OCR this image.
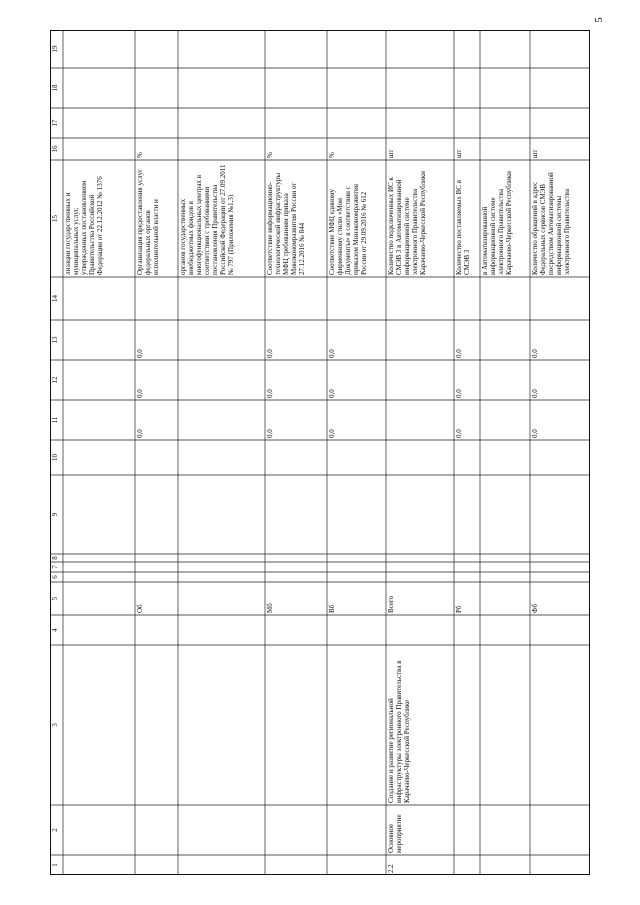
5
1
2
3
4
5
6
7
8
9
10
11
12
13
14
15
16
17
18
19
лизации государственных и муниципальных услуг, утвержденных постановлением Правительства Российской Федерации от 22.12.2012 № 1376
Об
0,0
0,0
0,0
Организация предоставления услуг федеральных органов исполнительной власти и
%
органов государственных внебюджетных фондов в многофункциональных центрах в соответствии с требованиями постановления Правительства Российской Федерации от 27.09.2011 № 797 (Приложения №1,3)
Мб
0,0
0,0
0,0
Соответствие информационно-технологической инфраструктуры МФЦ требованиям приказа Минэкономразвития России от 27.12.2016 № 844
%
Вб
0,0
0,0
0,0
Соответствие МФЦ единому фирменному стилю «Мои Документы» в соответствии с приказом Минэкономразвития России от 29.09.2016 № 612
%
2.2
Основное мероприятие
Создание и развитие региональной инфраструктуры электронного Правительства в Карачаево-Черкесской Республике
Всего
Количество подключенных ИС к СМЭВ 3 в Автоматизированной информационной системе электронного Правительства Карачаево-Черкесской Республики
шт
Рб
0,0
0,0
0,0
Количество поставляемых ВС в СМЭВ 3
шт
в Автоматизированной информационной системе электронного Правительства Карачаево-Черкесской Республики
Фб
0,0
0,0
0,0
Количество обращений в адрес Федеральных сервисов СМЭВ посредством Автоматизированной информационной системы электронного Правительства
шт
